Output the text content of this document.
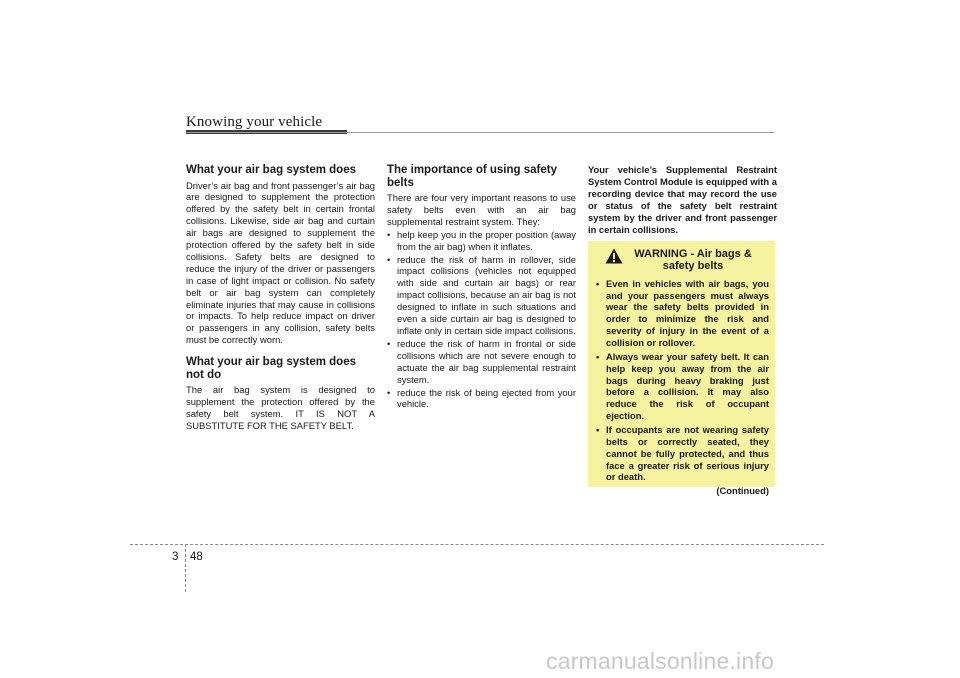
Knowing your vehicle
What your air bag system does

Driver’s air bag and front passenger’s air bag are designed to supplement the protection offered by the safety belt in certain frontal collisions. Likewise, side air bag and curtain air bags are designed to supplement the protection offered by the safety belt in side collisions. Safety belts are designed to reduce the injury of the driver or passengers in case of light impact or collision. No safety belt or air bag system can completely eliminate injuries that may cause in collisions or impacts. To help reduce impact on driver or passengers in any collision, safety belts must be correctly worn.

What your air bag system does not do

The air bag system is designed to supplement the protection offered by the safety belt system. IT IS NOT A SUBSTITUTE FOR THE SAFETY BELT.

The importance of using safety belts

There are four very important reasons to use safety belts even with an air bag supplemental restraint system. They:

• help keep you in the proper position (away from the air bag) when it inflates.
• reduce the risk of harm in rollover, side impact collisions (vehicles not equipped with side and curtain air bags) or rear impact collisions, because an air bag is not designed to inflate in such situations and even a side curtain air bag is designed to inflate only in certain side impact collisions.
• reduce the risk of harm in frontal or side collisions which are not severe enough to actuate the air bag supplemental restraint system.
• reduce the risk of being ejected from your vehicle.

Your vehicle’s Supplemental Restraint System Control Module is equipped with a recording device that may record the use or status of the safety belt restraint system by the driver and front passenger in certain collisions.

WARNING - Air bags & safety belts
• Even in vehicles with air bags, you and your passengers must always wear the safety belts provided in order to minimize the risk and severity of injury in the event of a collision or rollover.
• Always wear your safety belt. It can help keep you away from the air bags during heavy braking just before a collision. It may also reduce the risk of occupant ejection.
• If occupants are not wearing safety belts or correctly seated, they cannot be fully protected, and thus face a greater risk of serious injury or death.
(Continued)
3 48
carmanualsonline.info
